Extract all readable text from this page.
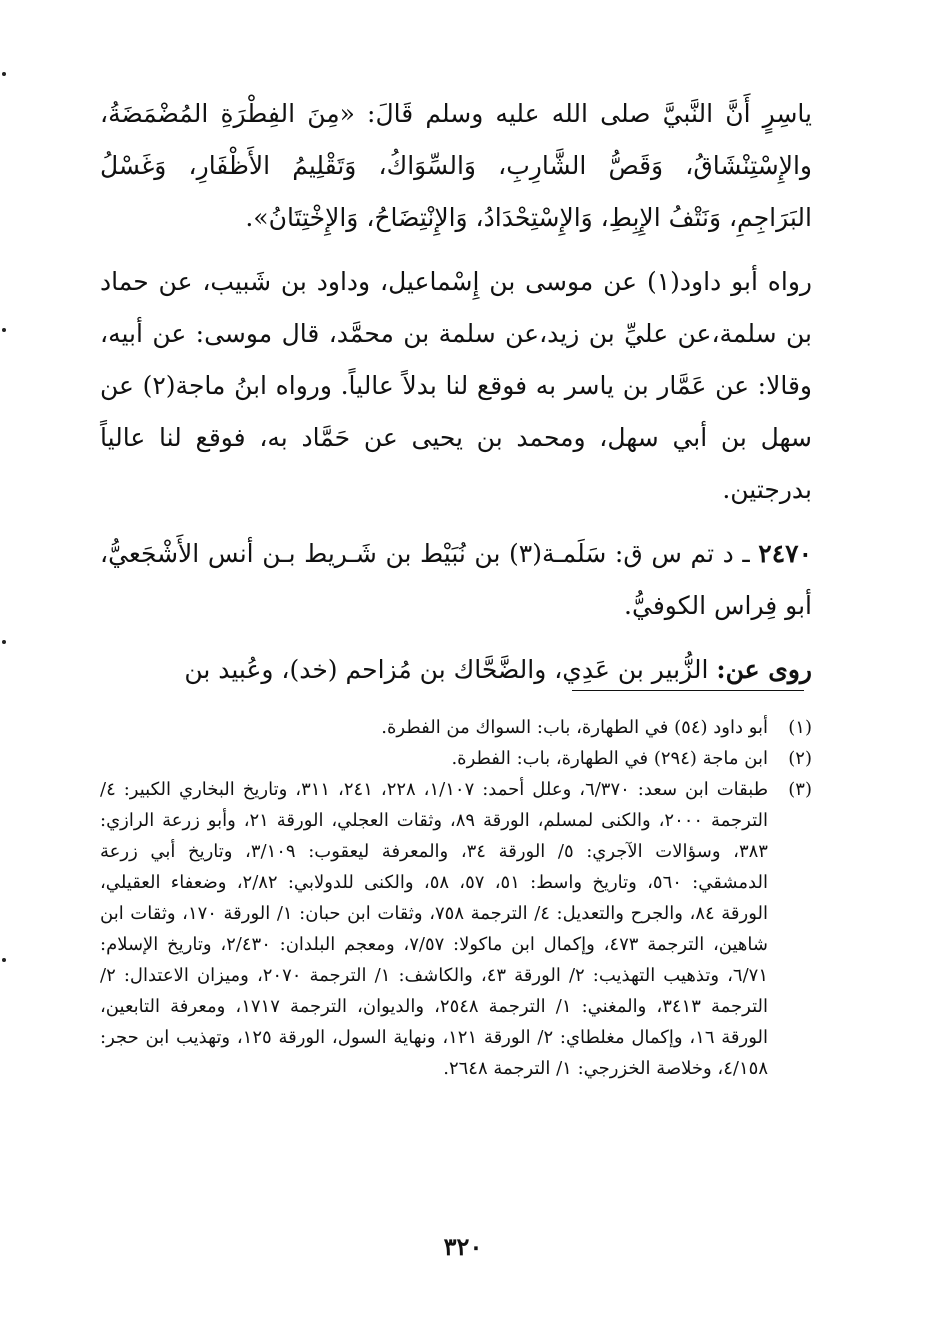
ياسِرٍ أَنَّ النَّبيَّ صلى الله عليه وسلم قَالَ: «مِنَ الفِطْرَةِ المُضْمَضَةُ، والإِسْتِنْشَاقُ، وَقَصُّ الشَّارِبِ، وَالسِّوَاكُ، وَتَقْلِيمُ الأَظْفَارِ، وَغَسْلُ البَرَاجِمِ، وَنَتْفُ الإِبِطِ، وَالإِسْتِحْدَادُ، وَالإِنْتِضَاحُ، وَالإِخْتِتَانُ».

رواه أبو داود(١) عن موسى بن إِسْماعيل، وداود بن شَبيب، عن حماد بن سلمة،عن عليِّ بن زيد،عن سلمة بن محمَّد، قال موسى: عن أبيه، وقالا: عن عَمَّار بن ياسر به فوقع لنا بدلاً عالياً. ورواه ابنُ ماجة(٢) عن سهل بن أبي سهل، ومحمد بن يحيى عن حَمَّاد به، فوقع لنا عالياً بدرجتين.

٢٤٧٠ ـ د تم س ق: سَلَمـة(٣) بن نُبَيْط بن شَـريط بـن أنس الأَشْجَعيُّ، أبو فِراس الكوفيُّ.

روى عن: الزُّبير بن عَدِي، والضَّحَّاك بن مُزاحم (خد)، وعُبيد بن

(١)
أبو داود (٥٤) في الطهارة، باب: السواك من الفطرة.
(٢)
ابن ماجة (٢٩٤) في الطهارة، باب: الفطرة.
(٣)
طبقات ابن سعد: ٦/٣٧٠، وعلل أحمد: ١/١٠٧، ٢٢٨، ٢٤١، ٣١١، وتاريخ البخاري الكبير: ٤/ الترجمة ٢٠٠٠، والكنى لمسلم، الورقة ٨٩، وثقات العجلي، الورقة ٢١، وأبو زرعة الرازي: ٣٨٣، وسؤالات الآجري: ٥/ الورقة ٣٤، والمعرفة ليعقوب: ٣/١٠٩، وتاريخ أبي زرعة الدمشقي: ٥٦٠، وتاريخ واسط: ٥١، ٥٧، ٥٨، والكنى للدولابي: ٢/٨٢، وضعفاء العقيلي، الورقة ٨٤، والجرح والتعديل: ٤/ الترجمة ٧٥٨، وثقات ابن حبان: ١/ الورقة ١٧٠، وثقات ابن شاهين، الترجمة ٤٧٣، وإكمال ابن ماكولا: ٧/٥٧، ومعجم البلدان: ٢/٤٣٠، وتاريخ الإسلام: ٦/٧١، وتذهيب التهذيب: ٢/ الورقة ٤٣، والكاشف: ١/ الترجمة ٢٠٧٠، وميزان الاعتدال: ٢/ الترجمة ٣٤١٣، والمغني: ١/ الترجمة ٢٥٤٨، والديوان، الترجمة ١٧١٧، ومعرفة التابعين، الورقة ١٦، وإكمال مغلطاي: ٢/ الورقة ١٢١، ونهاية السول، الورقة ١٢٥، وتهذيب ابن حجر: ٤/١٥٨، وخلاصة الخزرجي: ١/ الترجمة ٢٦٤٨.
٣٢٠
